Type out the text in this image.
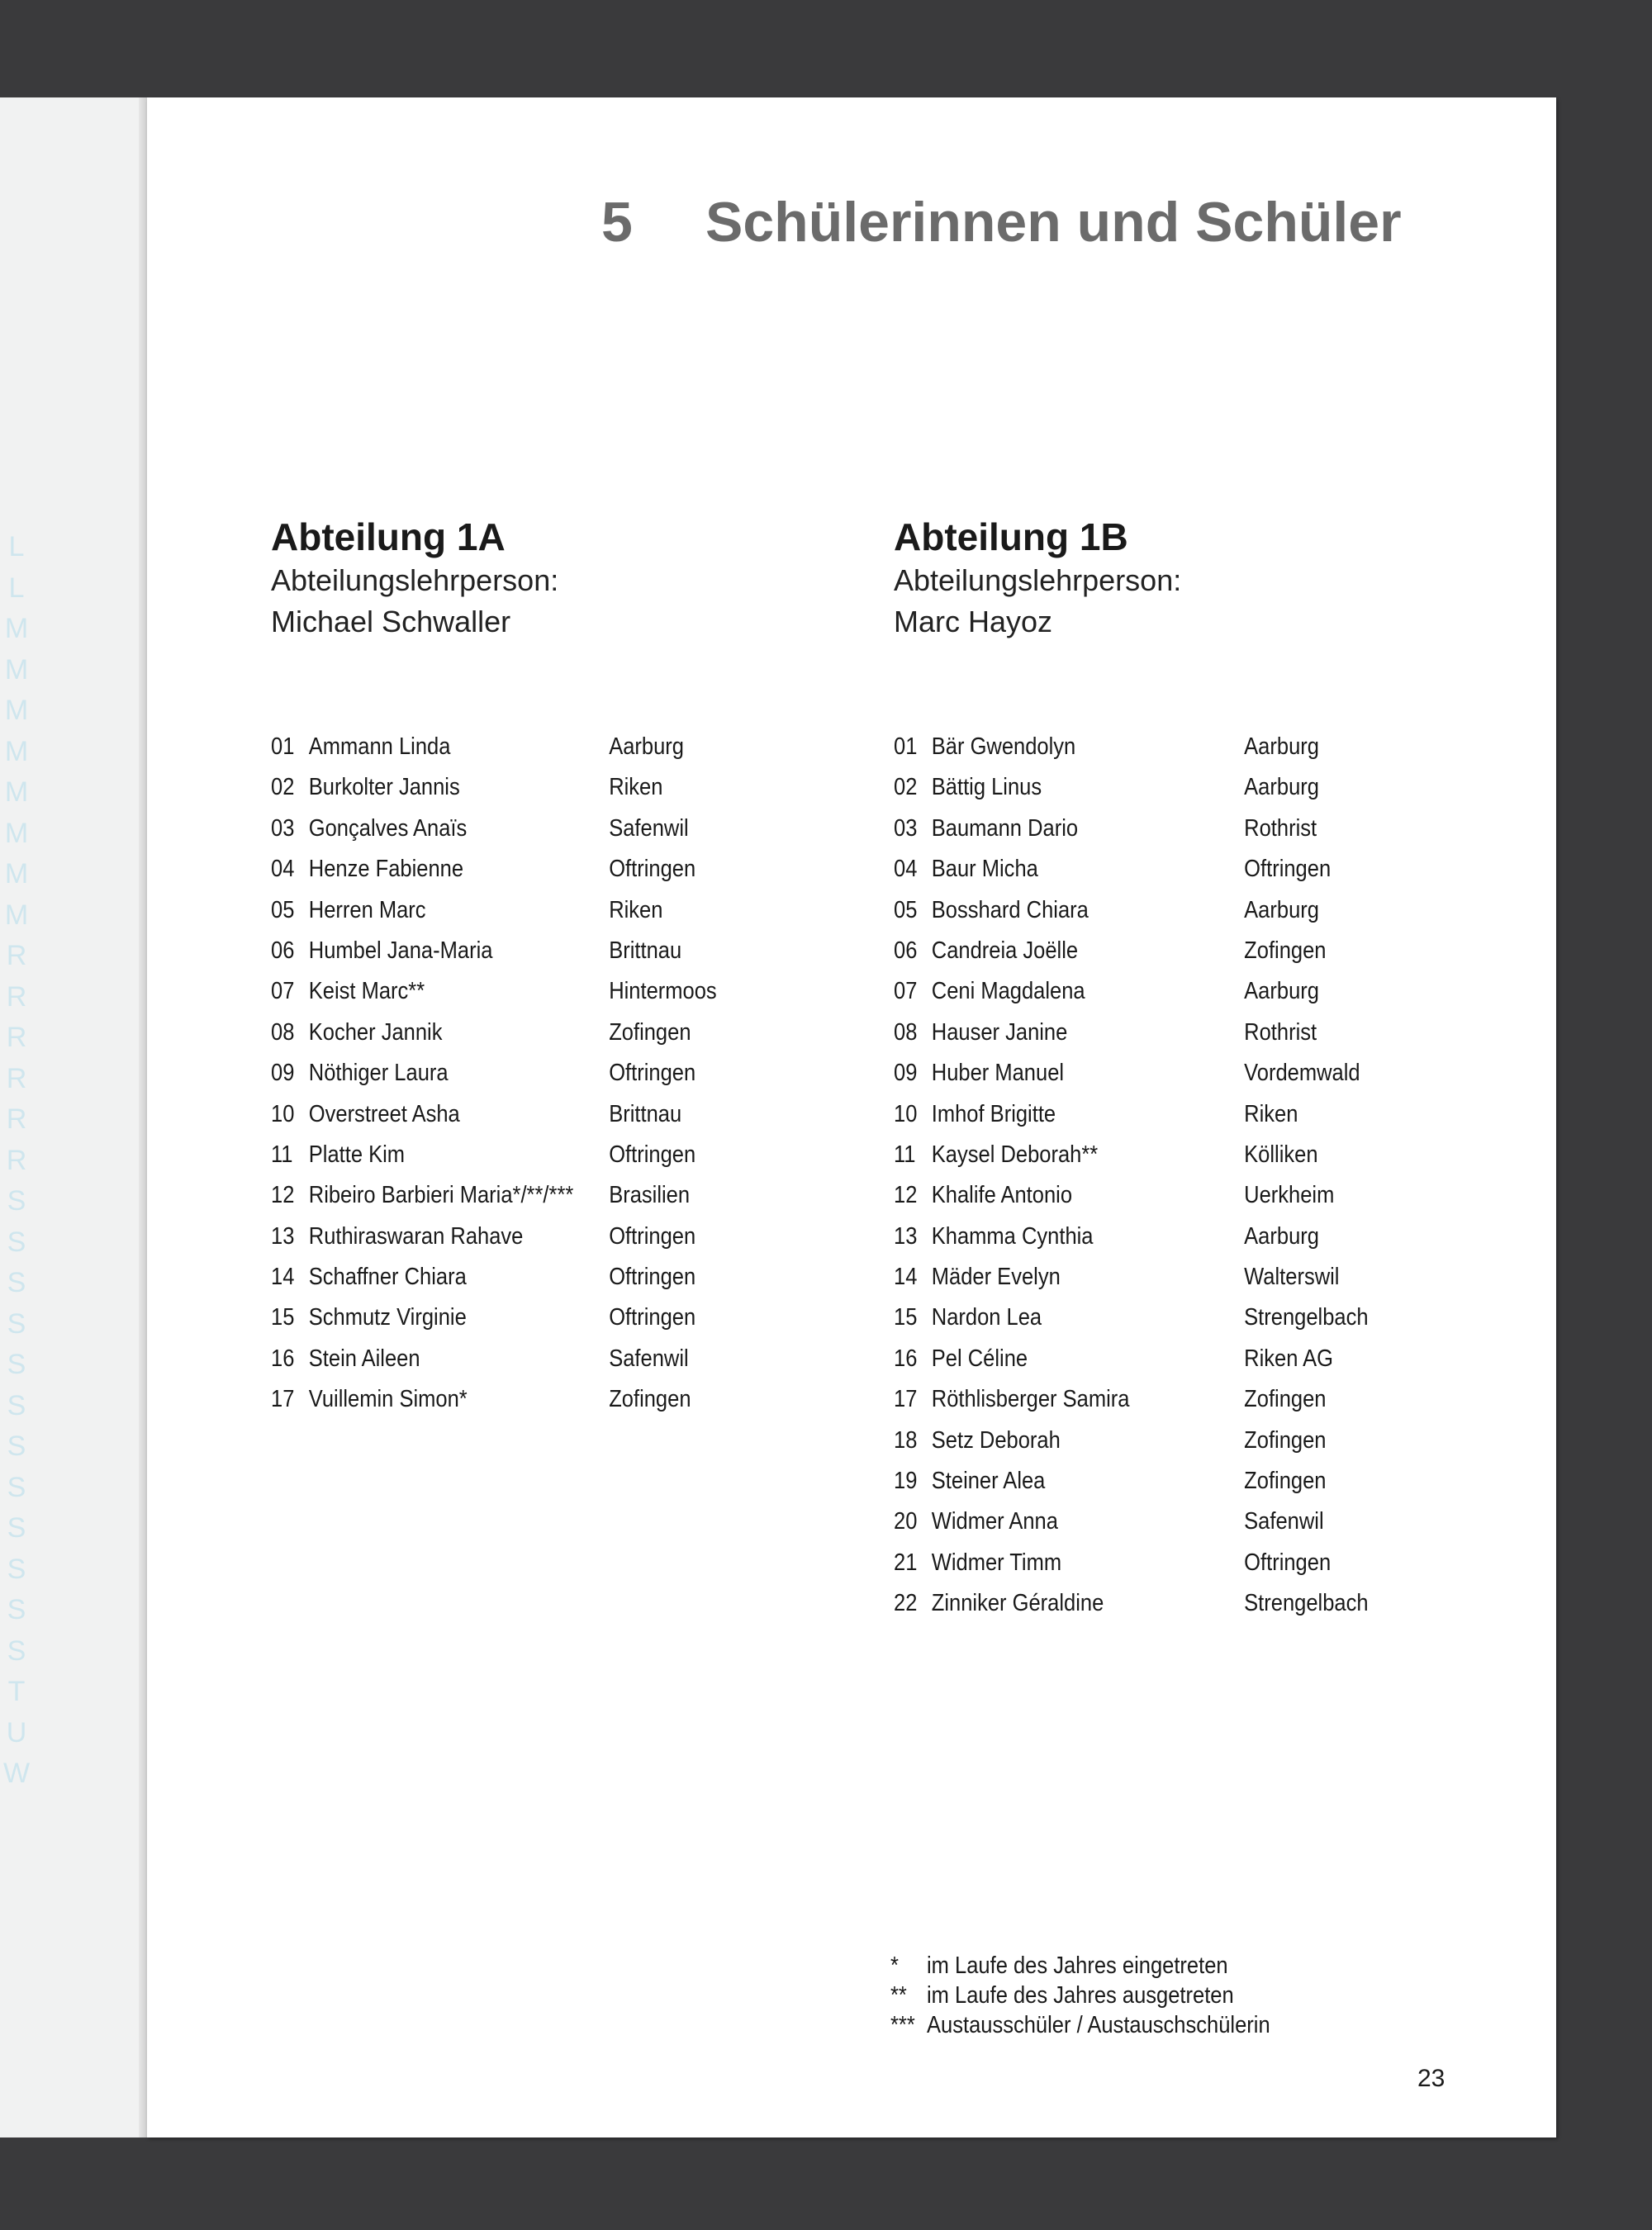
L
L
M
M
M
M
M
M
M
M
R
R
R
R
R
R
S
S
S
S
S
S
S
S
S
S
S
S
T
U
W
5 Schülerinnen und Schüler
Abteilung 1A
Abteilungslehrperson:
Michael Schwaller
Abteilung 1B
Abteilungslehrperson:
Marc Hayoz
01 Ammann Linda	Aarburg
02 Burkolter Jannis	Riken
03 Gonçalves Anaïs	Safenwil
04 Henze Fabienne	Oftringen
05 Herren Marc	Riken
06 Humbel Jana-Maria	Brittnau
07 Keist Marc**	Hintermoos
08 Kocher Jannik	Zofingen
09 Nöthiger Laura	Oftringen
10 Overstreet Asha	Brittnau
11 Platte Kim	Oftringen
12 Ribeiro Barbieri Maria*/**/*** Brasilien
13 Ruthiraswaran Rahave	Oftringen
14 Schaffner Chiara	Oftringen
15 Schmutz Virginie	Oftringen
16 Stein Aileen	Safenwil
17 Vuillemin Simon*	Zofingen
01 Bär Gwendolyn	Aarburg
02 Bättig Linus	Aarburg
03 Baumann Dario	Rothrist
04 Baur Micha	Oftringen
05 Bosshard Chiara	Aarburg
06 Candreia Joëlle	Zofingen
07 Ceni Magdalena	Aarburg
08 Hauser Janine	Rothrist
09 Huber Manuel	Vordemwald
10 Imhof Brigitte	Riken
11 Kaysel Deborah**	Kölliken
12 Khalife Antonio	Uerkheim
13 Khamma Cynthia	Aarburg
14 Mäder Evelyn	Walterswil
15 Nardon Lea	Strengelbach
16 Pel Céline	Riken AG
17 Röthlisberger Samira	Zofingen
18 Setz Deborah	Zofingen
19 Steiner Alea	Zofingen
20 Widmer Anna	Safenwil
21 Widmer Timm	Oftringen
22 Zinniker Géraldine	Strengelbach
* im Laufe des Jahres eingetreten
** im Laufe des Jahres ausgetreten
*** Austausschüler / Austauschschülerin
23
